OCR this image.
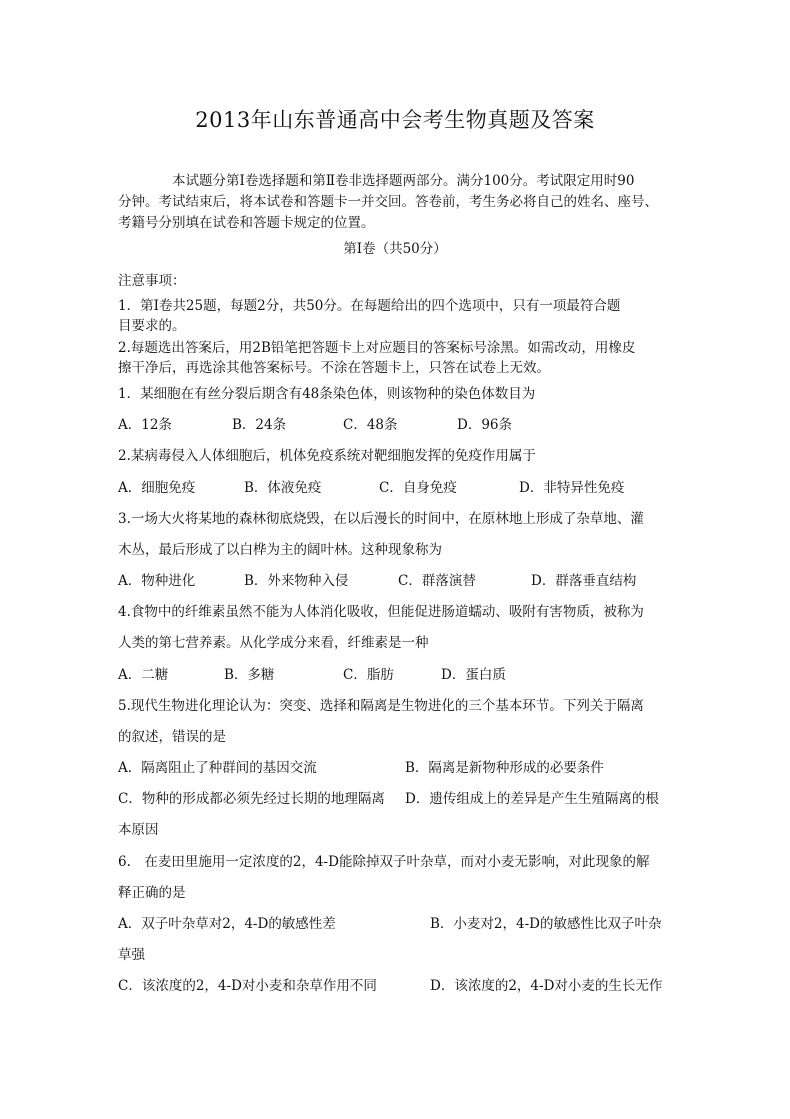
2013年山东普通高中会考生物真题及答案
　　　　本试题分第Ⅰ卷选择题和第Ⅱ卷非选择题两部分。满分100分。考试限定用时90
分钟。考试结束后，将本试卷和答题卡一并交回。答卷前，考生务必将自己的姓名、座号、
考籍号分别填在试卷和答题卡规定的位置。
第Ⅰ卷（共50分）
注意事项：
1．第Ⅰ卷共25题，每题2分，共50分。在每题给出的四个选项中，只有一项最符合题
目要求的。
2.每题选出答案后，用2B铅笔把答题卡上对应题目的答案标号涂黑。如需改动，用橡皮
擦干净后，再选涂其他答案标号。不涂在答题卡上，只答在试卷上无效。
1．某细胞在有丝分裂后期含有48条染色体，则该物种的染色体数目为
A．12条	B．24条	C．48条	D．96条
2.某病毒侵入人体细胞后，机体免疫系统对靶细胞发挥的免疫作用属于
A．细胞免疫	B．体液免疫	C．自身免疫	D．非特异性免疫
3.一场大火将某地的森林彻底烧毁，在以后漫长的时间中，在原林地上形成了杂草地、灌
木丛，最后形成了以白桦为主的阔叶林。这种现象称为
A．物种进化	B．外来物种入侵	C．群落演替	D．群落垂直结构
4.食物中的纤维素虽然不能为人体消化吸收，但能促进肠道蠕动、吸附有害物质，被称为
人类的第七营养素。从化学成分来看，纤维素是一种
A．二糖	B．多糖	C．脂肪	D．蛋白质
5.现代生物进化理论认为：突变、选择和隔离是生物进化的三个基本环节。下列关于隔离
的叙述，错误的是
A．隔离阻止了种群间的基因交流	B．隔离是新物种形成的必要条件
C．物种的形成都必须先经过长期的地理隔离 D．遗传组成上的差异是产生生殖隔离的根
本原因
6.　在麦田里施用一定浓度的2，4-D能除掉双子叶杂草，而对小麦无影响，对此现象的解
释正确的是
A．双子叶杂草对2，4-D的敏感性差	B．小麦对2，4-D的敏感性比双子叶杂
草强
C．该浓度的2，4-D对小麦和杂草作用不同	D．该浓度的2，4-D对小麦的生长无作
